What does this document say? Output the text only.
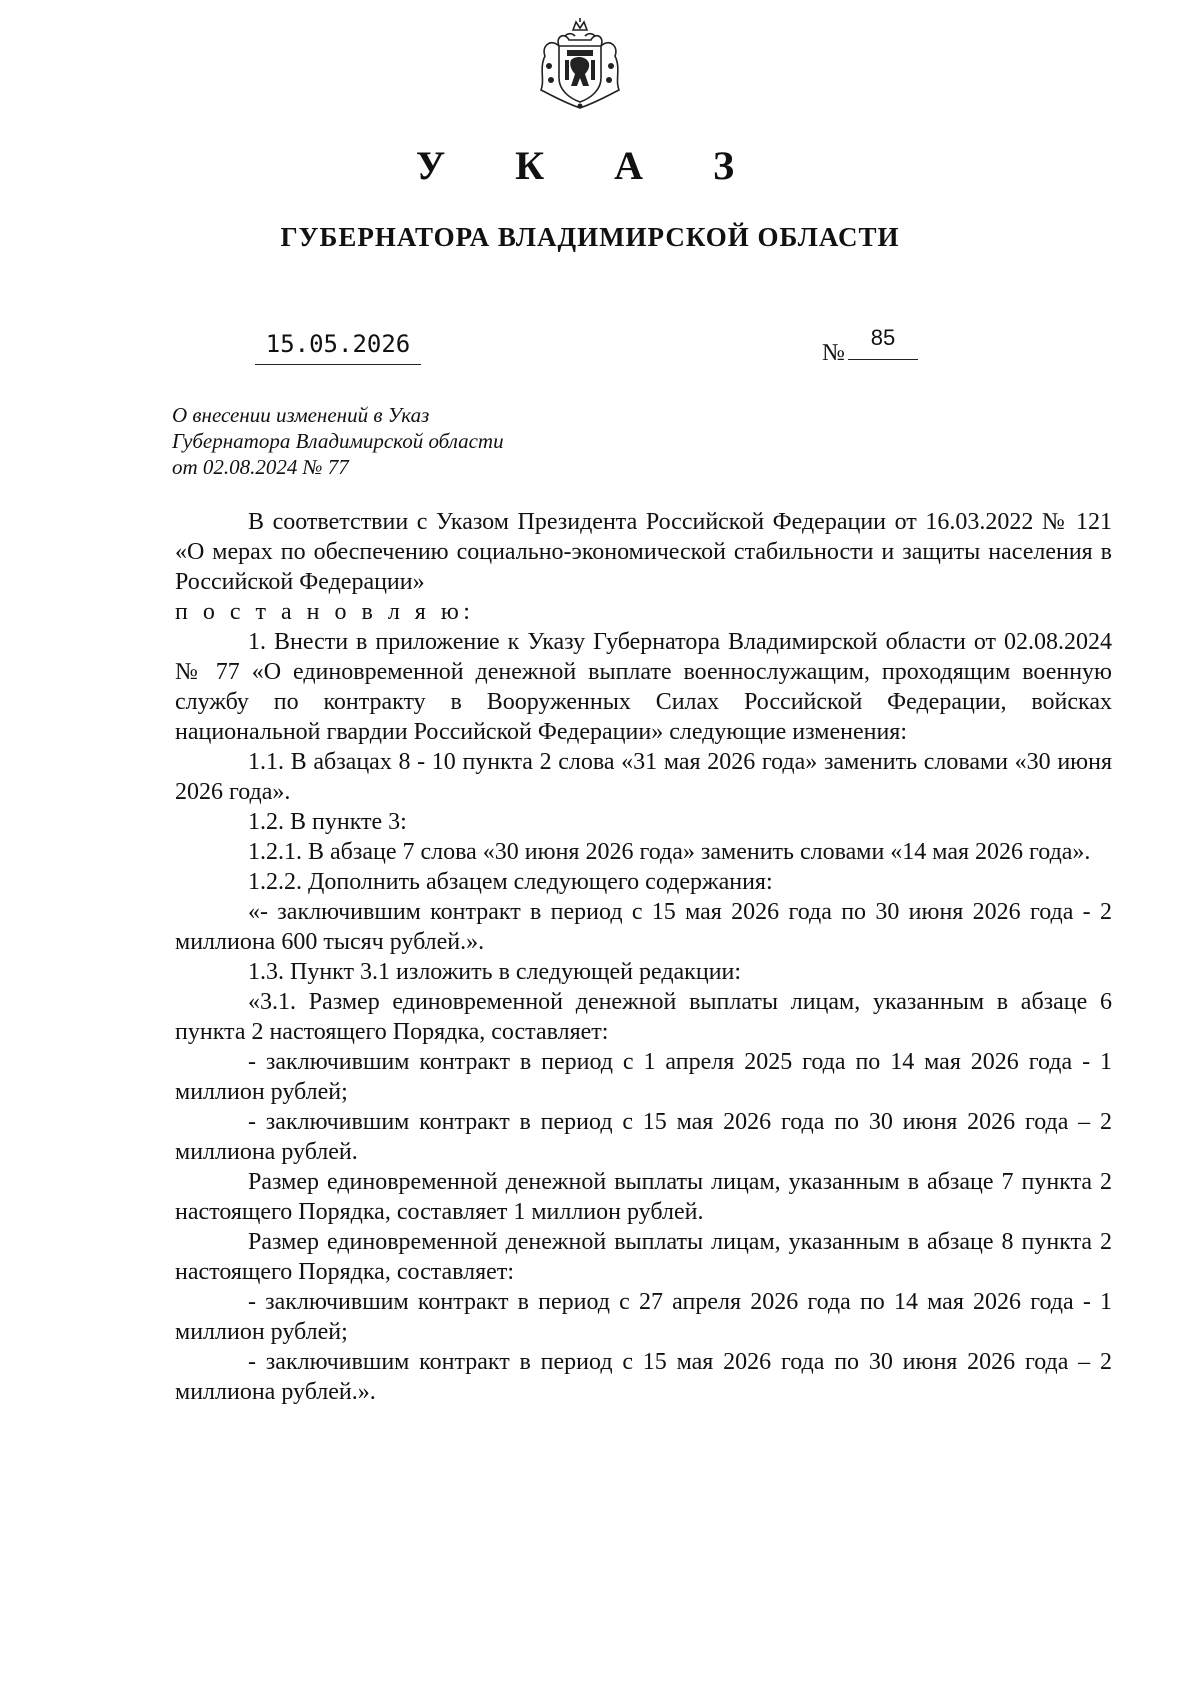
У К А З
ГУБЕРНАТОРА ВЛАДИМИРСКОЙ ОБЛАСТИ
15.05.2026	№
85
О внесении изменений в Указ
Губернатора Владимирской области
от 02.08.2024 № 77

В соответствии с Указом Президента Российской Федерации от 16.03.2022 № 121 «О мерах по обеспечению социально-экономической стабильности и защиты населения в Российской Федерации»

п о с т а н о в л я ю:

1. Внести в приложение к Указу Губернатора Владимирской области от 02.08.2024 № 77 «О единовременной денежной выплате военнослужащим, проходящим военную службу по контракту в Вооруженных Силах Российской Федерации, войсках национальной гвардии Российской Федерации» следующие изменения:

1.1. В абзацах 8 - 10 пункта 2 слова «31 мая 2026 года» заменить словами «30 июня 2026 года».

1.2. В пункте 3:

1.2.1. В абзаце 7 слова «30 июня 2026 года» заменить словами «14 мая 2026 года».

1.2.2. Дополнить абзацем следующего содержания:

«- заключившим контракт в период с 15 мая 2026 года по 30 июня 2026 года - 2 миллиона 600 тысяч рублей.».

1.3. Пункт 3.1 изложить в следующей редакции:

«3.1. Размер единовременной денежной выплаты лицам, указанным в абзаце 6 пункта 2 настоящего Порядка, составляет:

- заключившим контракт в период с 1 апреля 2025 года по 14 мая 2026 года - 1 миллион рублей;

- заключившим контракт в период с 15 мая 2026 года по 30 июня 2026 года – 2 миллиона рублей.

Размер единовременной денежной выплаты лицам, указанным в абзаце 7 пункта 2 настоящего Порядка, составляет 1 миллион рублей.

Размер единовременной денежной выплаты лицам, указанным в абзаце 8 пункта 2 настоящего Порядка, составляет:

- заключившим контракт в период с 27 апреля 2026 года по 14 мая 2026 года - 1 миллион рублей;

- заключившим контракт в период с 15 мая 2026 года по 30 июня 2026 года – 2 миллиона рублей.».
